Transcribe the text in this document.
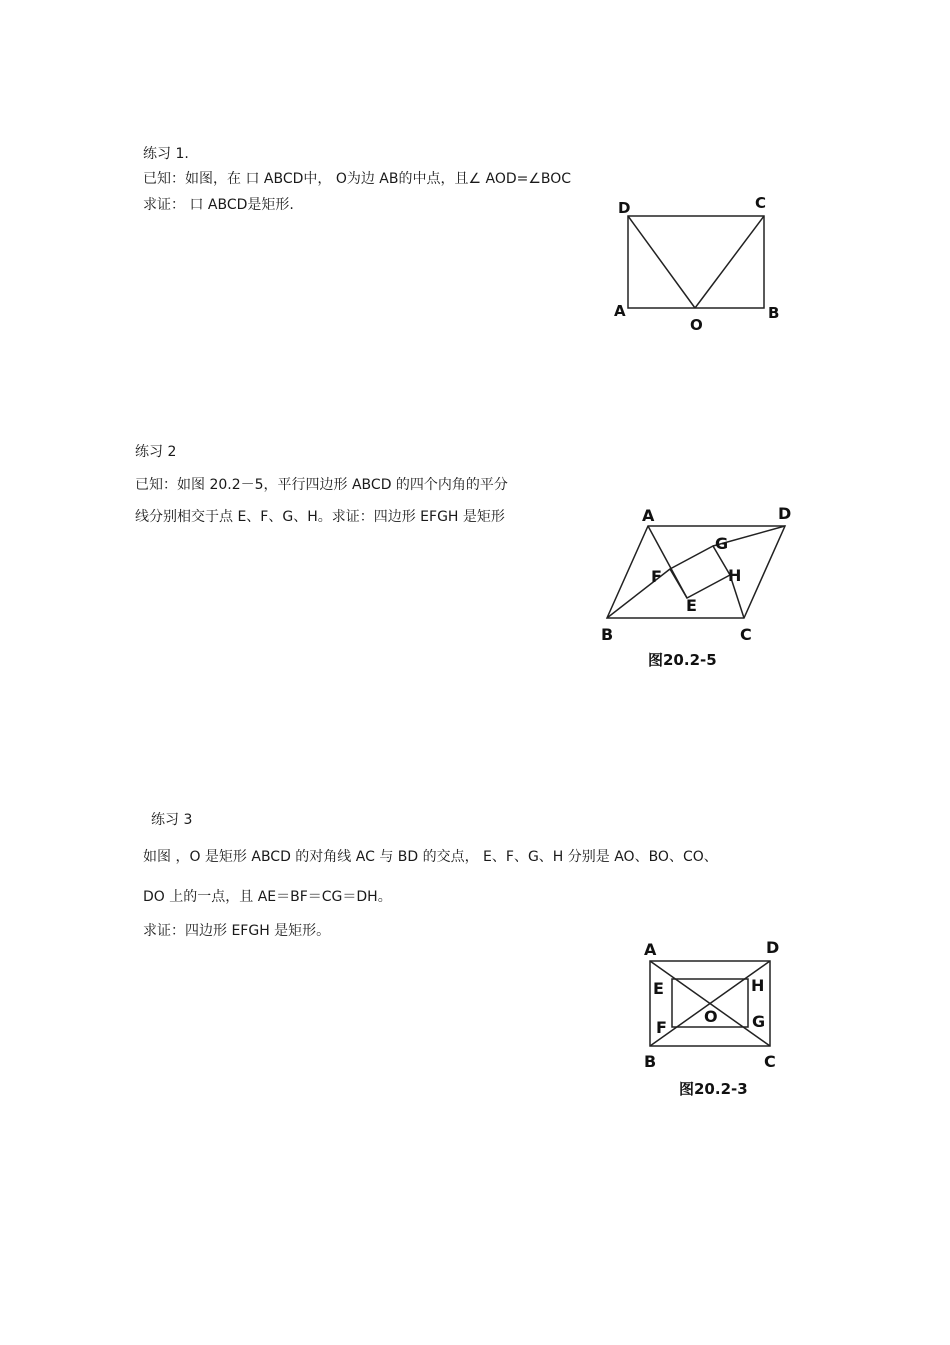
练习 1.
已知：如图，在 口 ABCD中， O为边 AB的中点，且∠ AOD=∠BOC
求证： 口 ABCD是矩形.	D	C
A
O
B
练习 2
已知：如图 20.2－5，平行四边形 ABCD 的四个内角的平分
线分别相交于点 E、F、G、H。求证：四边形 EFGH 是矩形	A	D
G
F	H
E
B	C
图20.2-5
练习 3
如图 ，O 是矩形 ABCD 的对角线 AC 与 BD 的交点， E、F、G、H 分别是 AO、BO、CO、
DO 上的一点，且 AE＝BF＝CG＝DH。
求证：四边形 EFGH 是矩形。
A	D
E	H
O
F	G
B	C
图20.2-3
